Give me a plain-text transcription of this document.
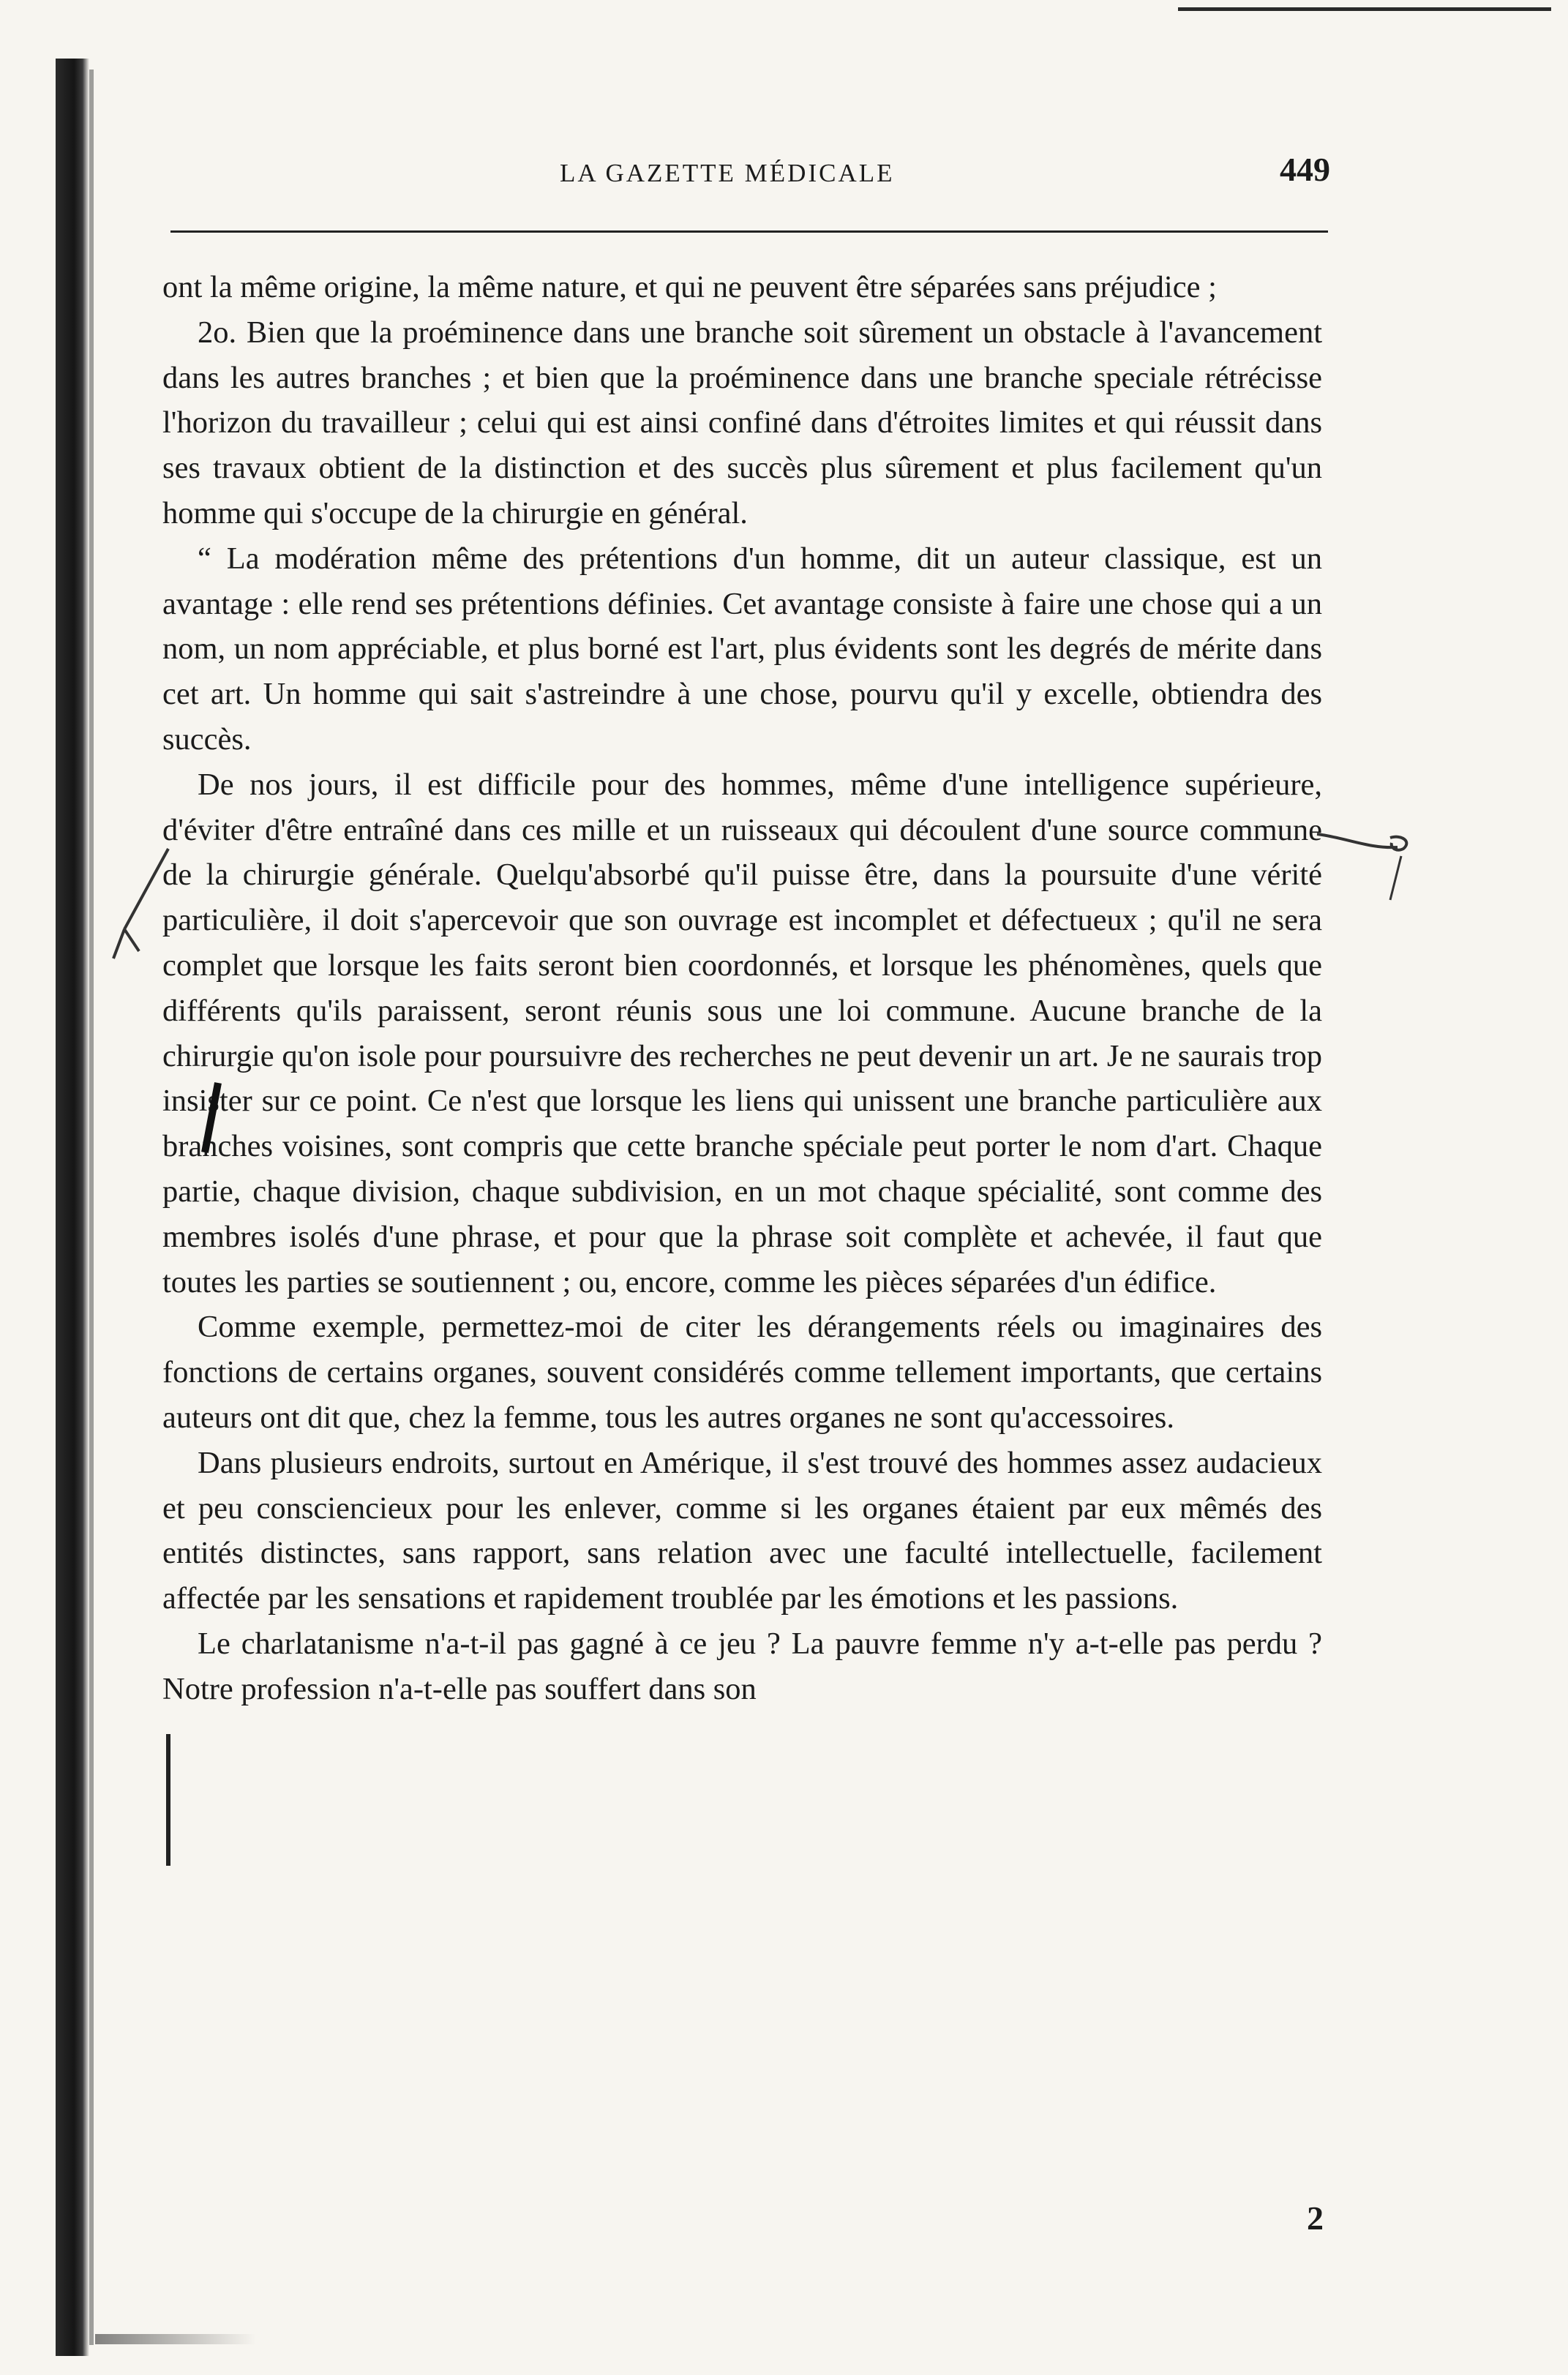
LA GAZETTE MÉDICALE	449

ont la même origine, la même nature, et qui ne peuvent être séparées sans préjudice ;

2o. Bien que la proéminence dans une branche soit sûrement un obstacle à l'avancement dans les autres branches ; et bien que la proéminence dans une branche speciale rétrécisse l'horizon du travailleur ; celui qui est ainsi confiné dans d'étroites limites et qui réussit dans ses travaux obtient de la distinction et des succès plus sûrement et plus facilement qu'un homme qui s'occupe de la chirurgie en général.

“ La modération même des prétentions d'un homme, dit un auteur classique, est un avantage : elle rend ses prétentions définies. Cet avantage consiste à faire une chose qui a un nom, un nom appréciable, et plus borné est l'art, plus évidents sont les degrés de mérite dans cet art. Un homme qui sait s'astreindre à une chose, pourvu qu'il y excelle, obtiendra des succès.

De nos jours, il est difficile pour des hommes, même d'une intelligence supérieure, d'éviter d'être entraîné dans ces mille et un ruisseaux qui découlent d'une source commune de la chirurgie générale. Quelqu'absorbé qu'il puisse être, dans la poursuite d'une vérité particulière, il doit s'apercevoir que son ouvrage est incomplet et défectueux ; qu'il ne sera complet que lorsque les faits seront bien coordonnés, et lorsque les phénomènes, quels que différents qu'ils paraissent, seront réunis sous une loi commune. Aucune branche de la chirurgie qu'on isole pour poursuivre des recherches ne peut devenir un art. Je ne saurais trop insister sur ce point. Ce n'est que lorsque les liens qui unissent une branche particulière aux branches voisines, sont compris que cette branche spéciale peut porter le nom d'art. Chaque partie, chaque division, chaque subdivision, en un mot chaque spécialité, sont comme des membres isolés d'une phrase, et pour que la phrase soit complète et achevée, il faut que toutes les parties se soutiennent ; ou, encore, comme les pièces séparées d'un édifice.

Comme exemple, permettez-moi de citer les dérangements réels ou imaginaires des fonctions de certains organes, souvent considérés comme tellement importants, que certains auteurs ont dit que, chez la femme, tous les autres organes ne sont qu'accessoires.

Dans plusieurs endroits, surtout en Amérique, il s'est trouvé des hommes assez audacieux et peu consciencieux pour les enlever, comme si les organes étaient par eux mêmés des entités distinctes, sans rapport, sans relation avec une faculté intellectuelle, facilement affectée par les sensations et rapidement troublée par les émotions et les passions.

Le charlatanisme n'a-t-il pas gagné à ce jeu ? La pauvre femme n'y a-t-elle pas perdu ? Notre profession n'a-t-elle pas souffert dans son

2
